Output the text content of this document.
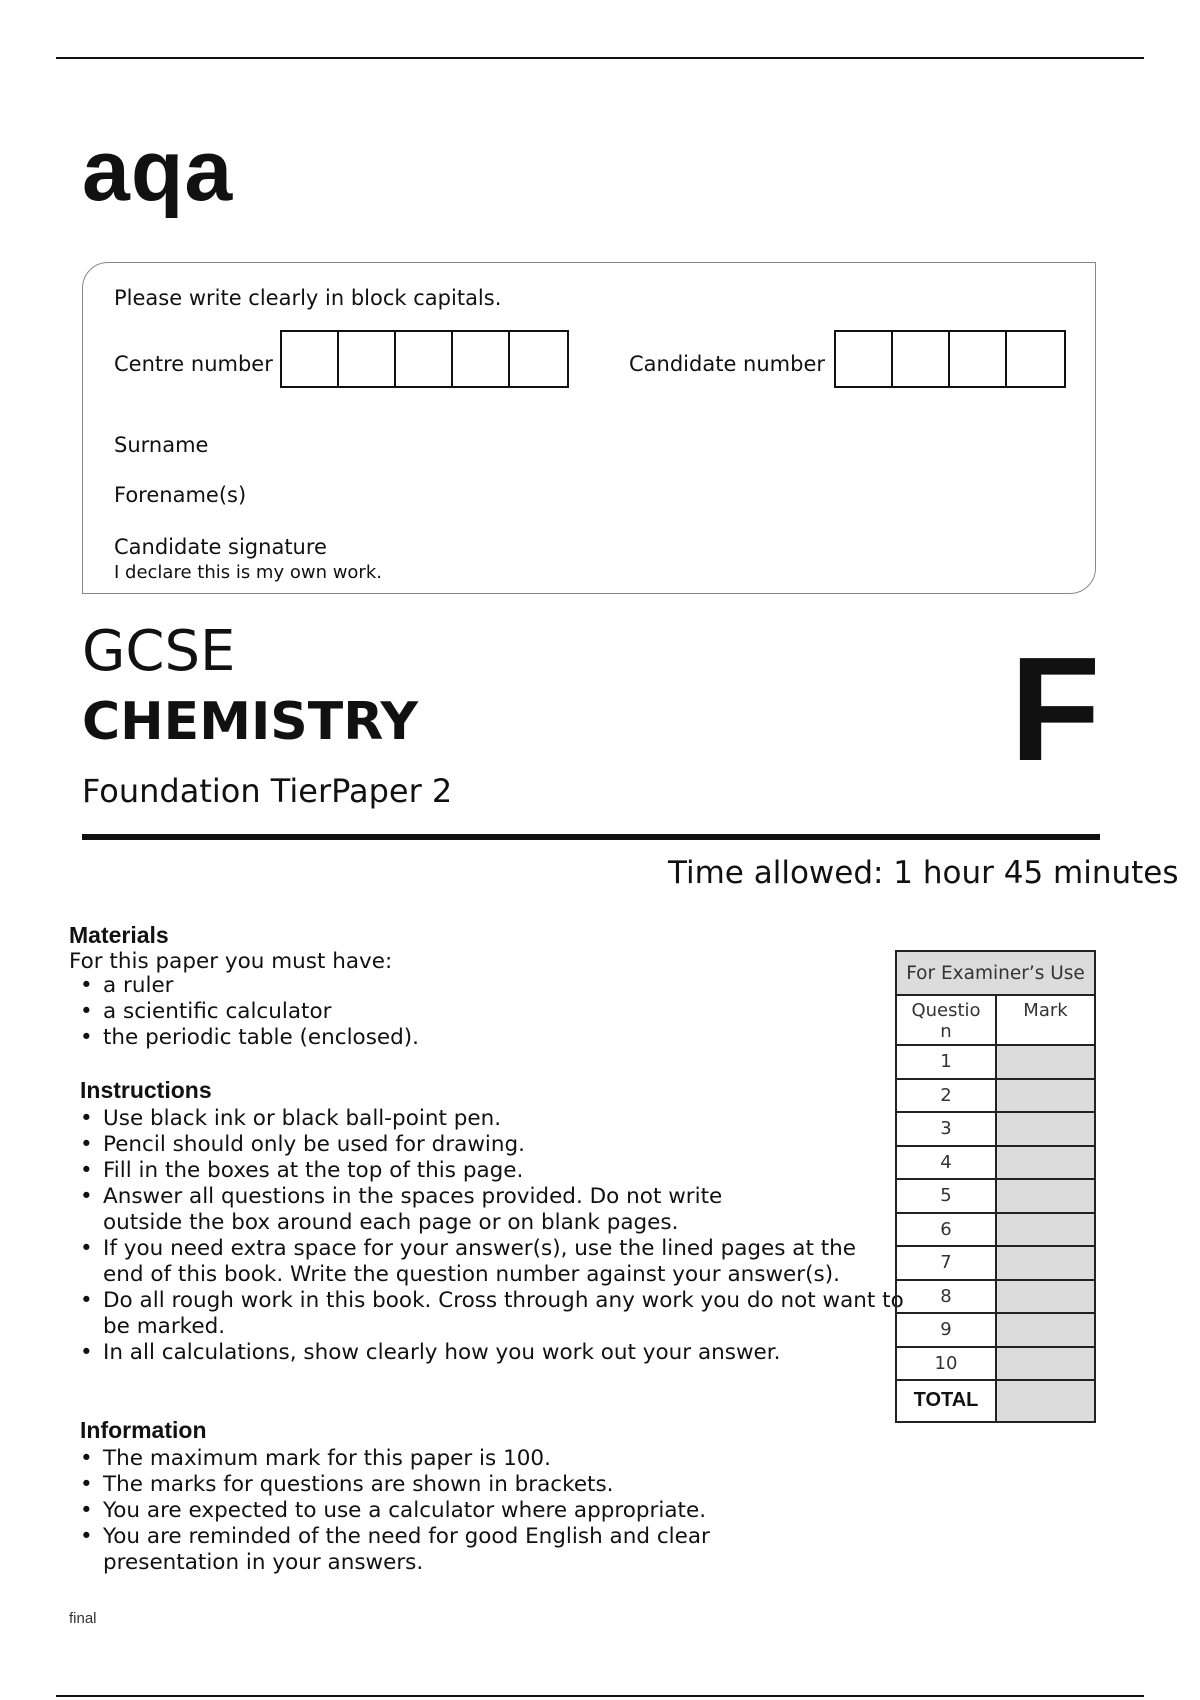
aqa
Please write clearly in block capitals.
Centre number	Candidate number
Surname
Forename(s)
Candidate signature
I declare this is my own work.
GCSE
CHEMISTRY
Foundation TierPaper 2	F
Time allowed: 1 hour 45 minutes
Materials
For this paper you must have:
• a ruler
• a scientific calculator
• the periodic table (enclosed).
Instructions
• Use black ink or black ball-point pen.
• Pencil should only be used for drawing.
• Fill in the boxes at the top of this page.
• Answer all questions in the spaces provided. Do not write outside the box around each page or on blank pages.
• If you need extra space for your answer(s), use the lined pages at the end of this book. Write the question number against your answer(s).
• Do all rough work in this book. Cross through any work you do not want to be marked.
• In all calculations, show clearly how you work out your answer.
Information
• The maximum mark for this paper is 100.
• The marks for questions are shown in brackets.
• You are expected to use a calculator where appropriate.
• You are reminded of the need for good English and clear presentation in your answers.
For Examiner’s Use
Questio
n
Mark
1
2
3
4
5
6
7
8
9
10
TOTAL
final
